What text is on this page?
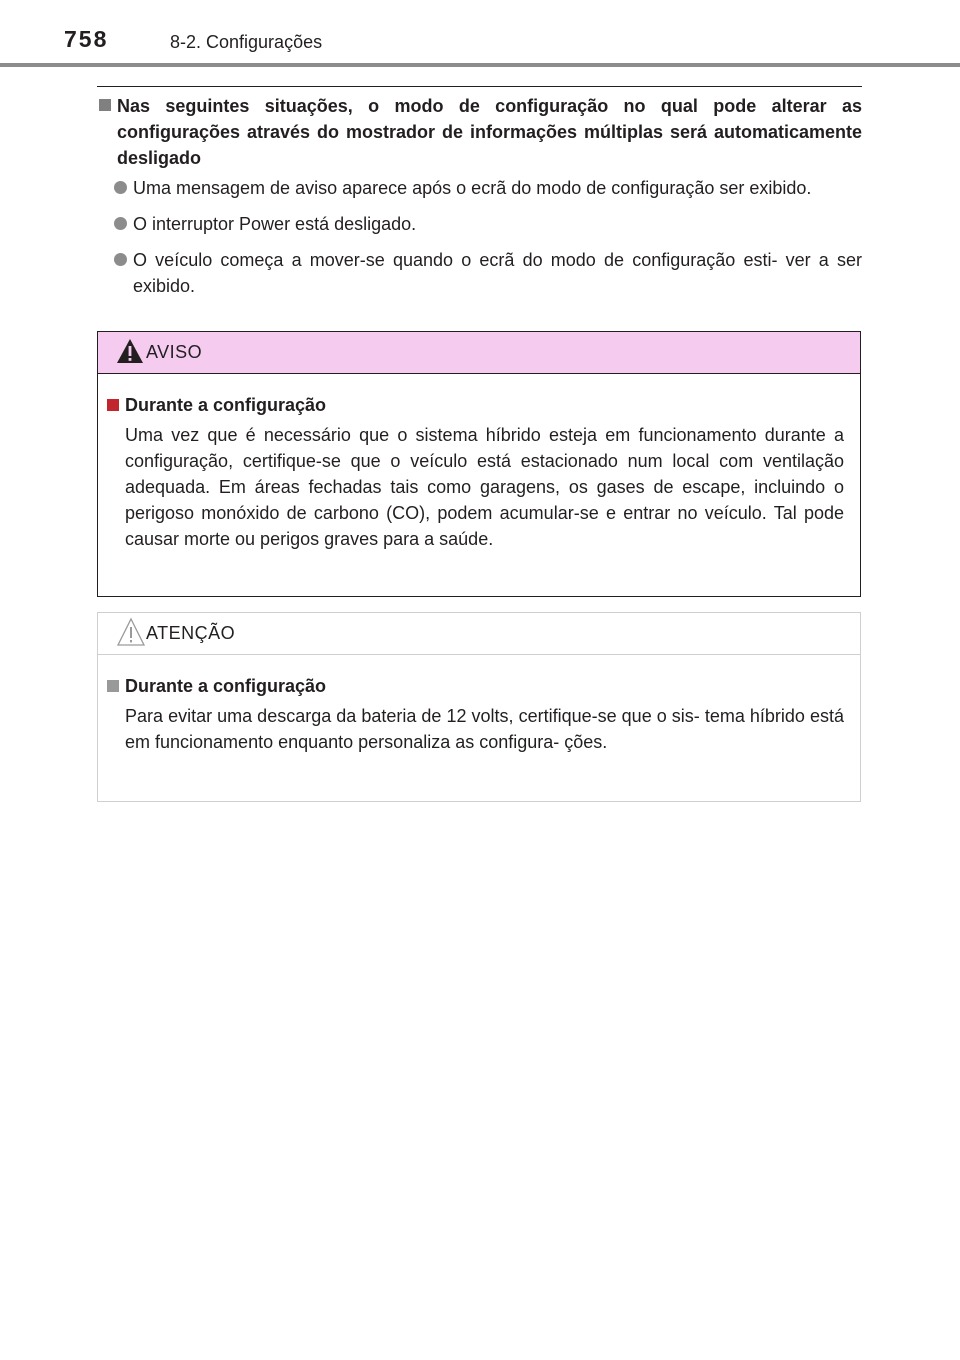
758	8-2. Configurações

Nas seguintes situações, o modo de configuração no qual pode alterar as configurações através do mostrador de informações múltiplas será automaticamente desligado

Uma mensagem de aviso aparece após o ecrã do modo de configuração ser exibido.
O interruptor Power está desligado.
O veículo começa a mover-se quando o ecrã do modo de configuração esti- ver a ser exibido.
AVISO

Durante a configuração

Uma vez que é necessário que o sistema híbrido esteja em funcionamento durante a configuração, certifique-se que o veículo está estacionado num local com ventilação adequada. Em áreas fechadas tais como garagens, os gases de escape, incluindo o perigoso monóxido de carbono (CO), podem acumular-se e entrar no veículo. Tal pode causar morte ou perigos graves para a saúde.

ATENÇÃO

Durante a configuração

Para evitar uma descarga da bateria de 12 volts, certifique-se que o sis- tema híbrido está em funcionamento enquanto personaliza as configura- ções.
